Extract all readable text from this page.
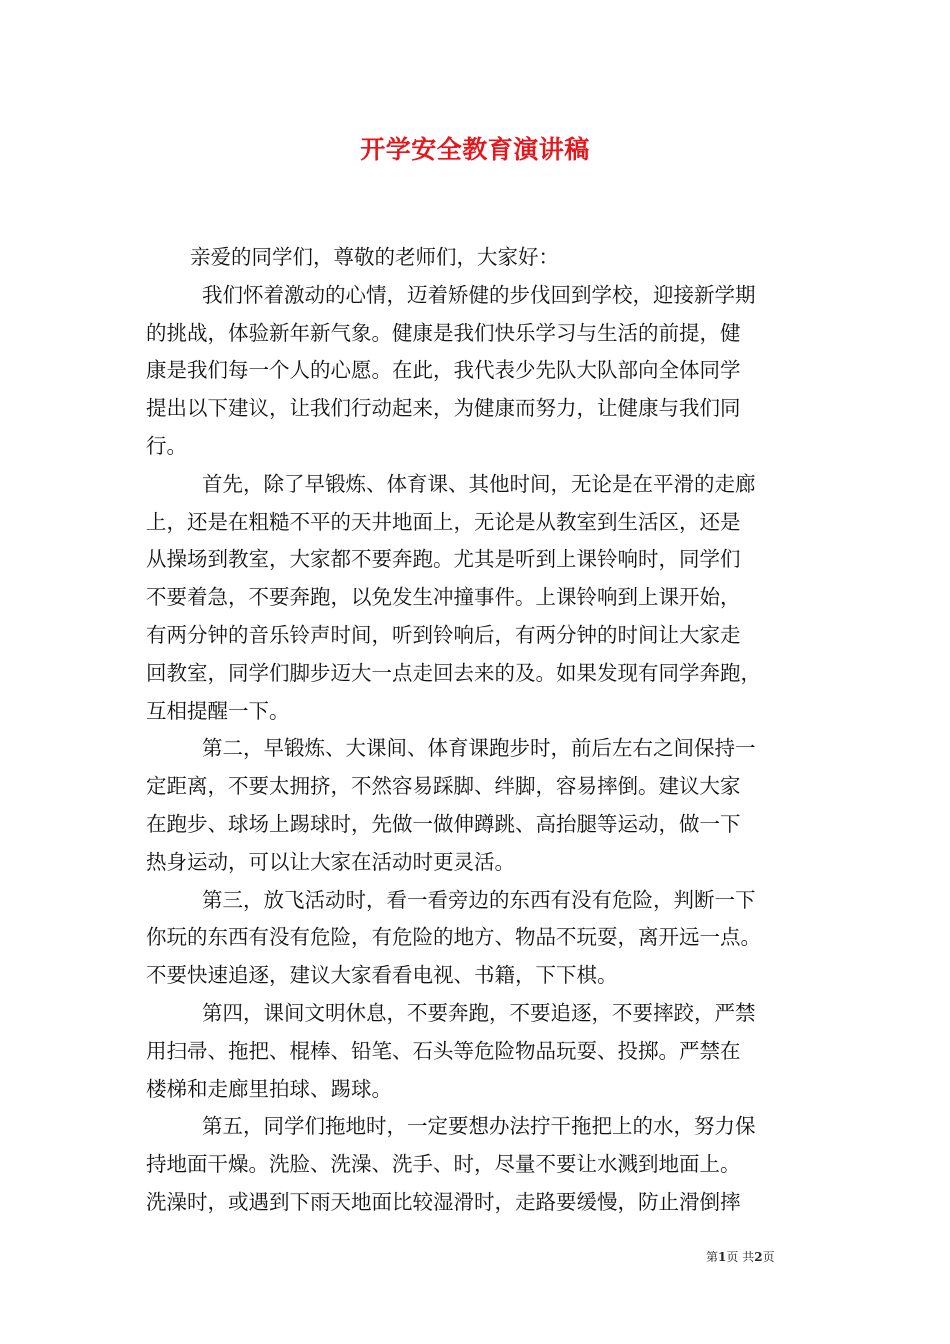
开学安全教育演讲稿
亲爱的同学们，尊敬的老师们，大家好：
我们怀着激动的心情，迈着矫健的步伐回到学校，迎接新学期
的挑战，体验新年新气象。健康是我们快乐学习与生活的前提，健
康是我们每一个人的心愿。在此，我代表少先队大队部向全体同学
提出以下建议，让我们行动起来，为健康而努力，让健康与我们同
行。
首先，除了早锻炼、体育课、其他时间，无论是在平滑的走廊
上，还是在粗糙不平的天井地面上，无论是从教室到生活区，还是
从操场到教室，大家都不要奔跑。尤其是听到上课铃响时，同学们
不要着急，不要奔跑，以免发生冲撞事件。上课铃响到上课开始，
有两分钟的音乐铃声时间，听到铃响后，有两分钟的时间让大家走
回教室，同学们脚步迈大一点走回去来的及。如果发现有同学奔跑，
互相提醒一下。
第二，早锻炼、大课间、体育课跑步时，前后左右之间保持一
定距离，不要太拥挤，不然容易踩脚、绊脚，容易摔倒。建议大家
在跑步、球场上踢球时，先做一做伸蹲跳、高抬腿等运动，做一下
热身运动，可以让大家在活动时更灵活。
第三，放飞活动时，看一看旁边的东西有没有危险，判断一下
你玩的东西有没有危险，有危险的地方、物品不玩耍，离开远一点。
不要快速追逐，建议大家看看电视、书籍，下下棋。
第四，课间文明休息，不要奔跑，不要追逐，不要摔跤，严禁
用扫帚、拖把、棍棒、铅笔、石头等危险物品玩耍、投掷。严禁在
楼梯和走廊里拍球、踢球。
第五，同学们拖地时，一定要想办法拧干拖把上的水，努力保
持地面干燥。洗脸、洗澡、洗手、时，尽量不要让水溅到地面上。
洗澡时，或遇到下雨天地面比较湿滑时，走路要缓慢，防止滑倒摔
第1页 共2页
